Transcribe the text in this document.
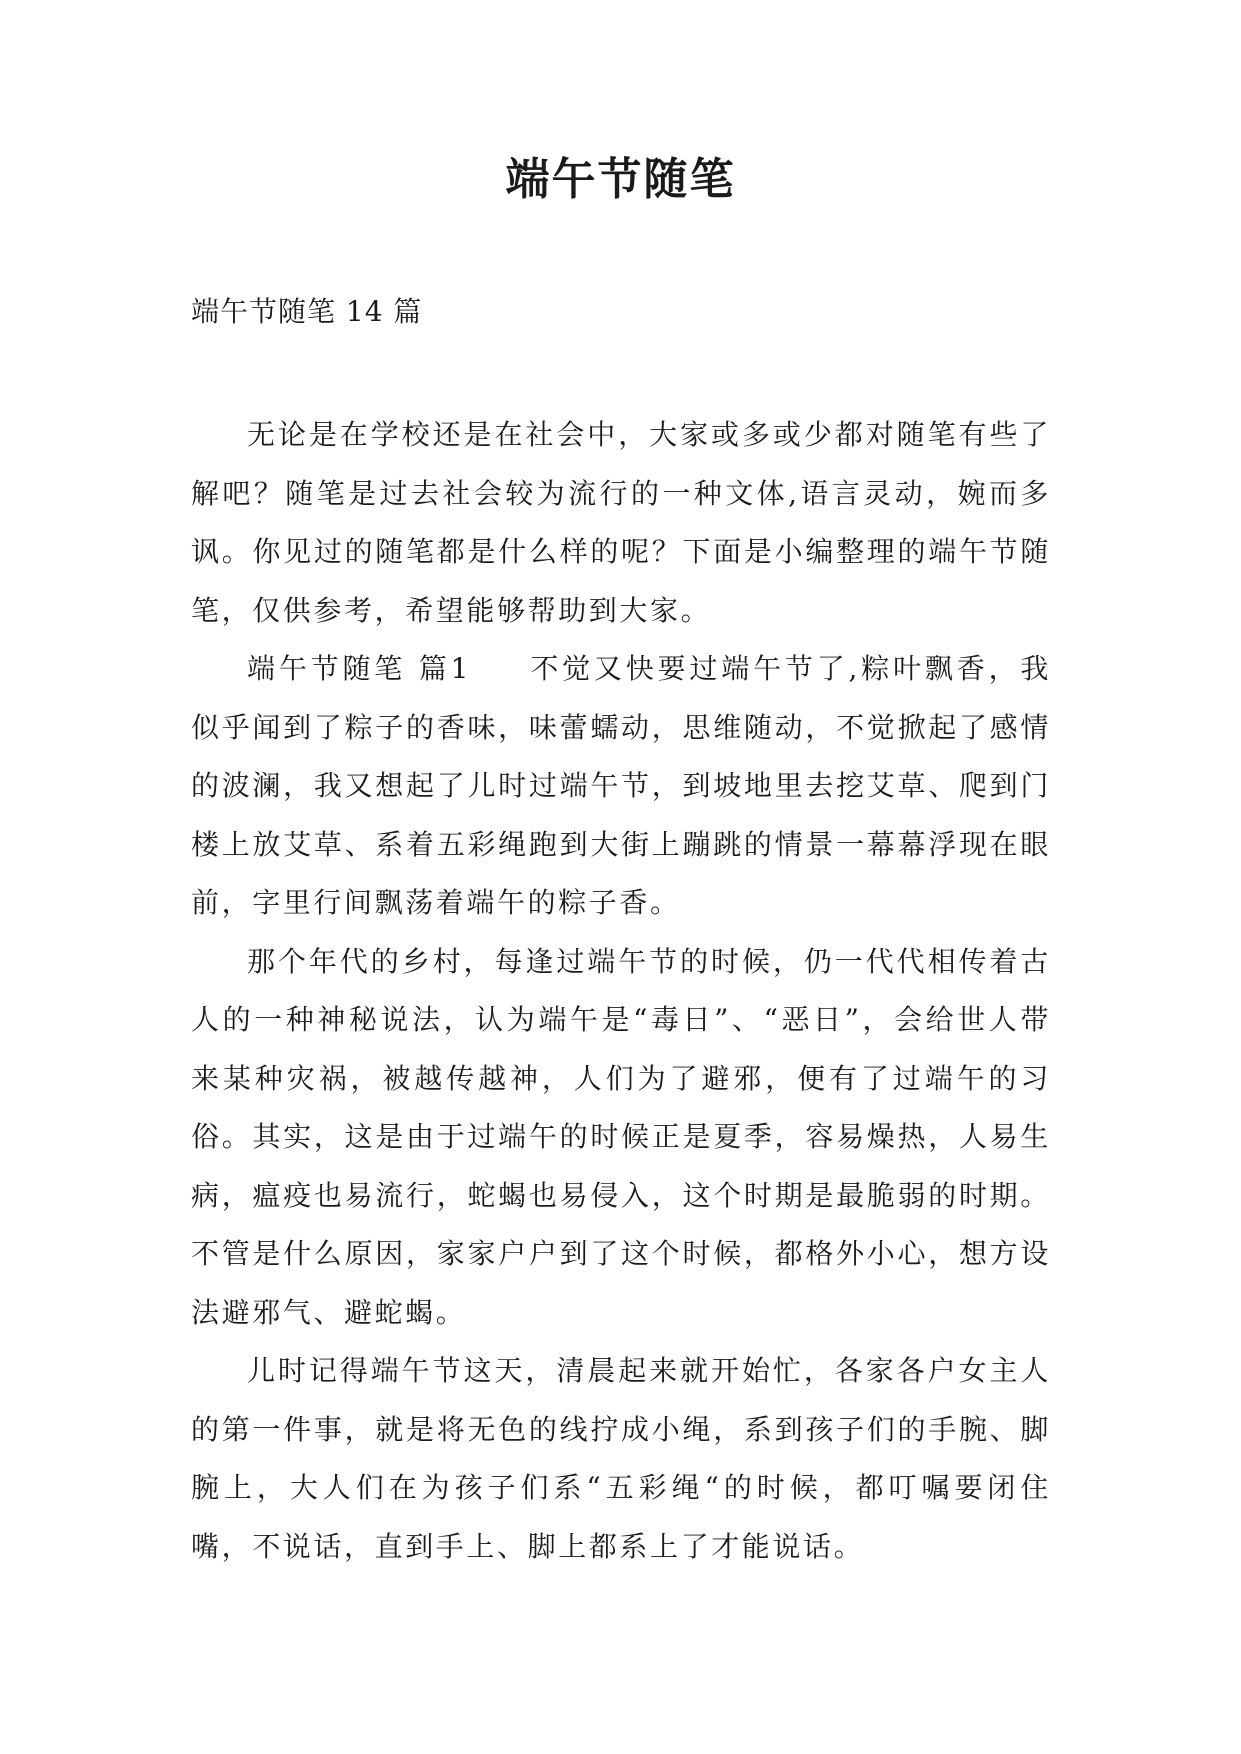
端午节随笔

端午节随笔 14 篇

无论是在学校还是在社会中，大家或多或少都对随笔有些了解吧？随笔是过去社会较为流行的一种文体,语言灵动，婉而多讽。你见过的随笔都是什么样的呢？下面是小编整理的端午节随笔，仅供参考，希望能够帮助到大家。

端午节随笔 篇1 不觉又快要过端午节了,粽叶飘香，我似乎闻到了粽子的香味，味蕾蠕动，思维随动，不觉掀起了感情的波澜，我又想起了儿时过端午节，到坡地里去挖艾草、爬到门楼上放艾草、系着五彩绳跑到大街上蹦跳的情景一幕幕浮现在眼前，字里行间飘荡着端午的粽子香。

那个年代的乡村，每逢过端午节的时候，仍一代代相传着古人的一种神秘说法，认为端午是“毒日”、“恶日”，会给世人带来某种灾祸，被越传越神，人们为了避邪，便有了过端午的习俗。其实，这是由于过端午的时候正是夏季，容易燥热，人易生病，瘟疫也易流行，蛇蝎也易侵入，这个时期是最脆弱的时期。不管是什么原因，家家户户到了这个时候，都格外小心，想方设法避邪气、避蛇蝎。

儿时记得端午节这天，清晨起来就开始忙，各家各户女主人的第一件事，就是将无色的线拧成小绳，系到孩子们的手腕、脚腕上，大人们在为孩子们系“五彩绳“的时候，都叮嘱要闭住嘴，不说话，直到手上、脚上都系上了才能说话。
